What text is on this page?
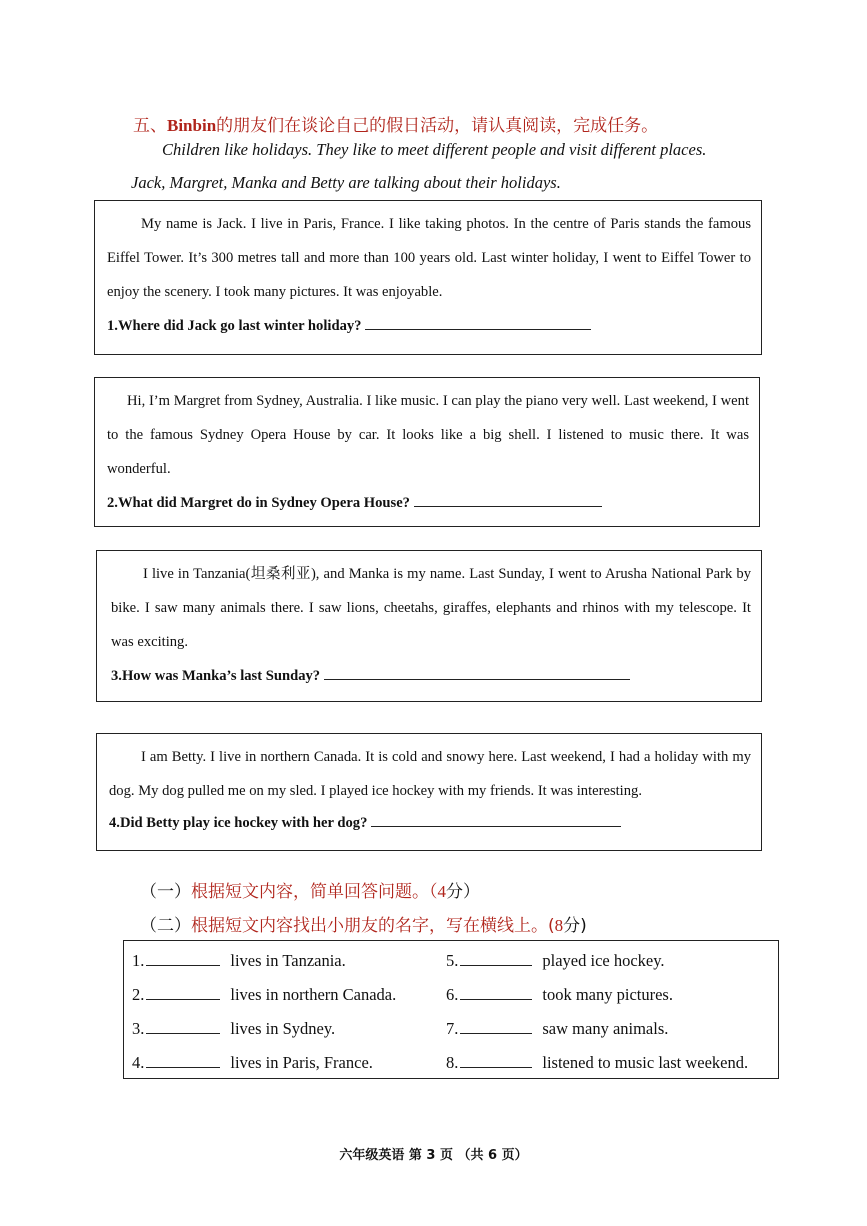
五、Binbin的朋友们在谈论自己的假日活动，请认真阅读，完成任务。
Children like holidays. They like to meet different people and visit different places.
Jack, Margret, Manka and Betty are talking about their holidays.

My name is Jack. I live in Paris, France. I like taking photos. In the centre of Paris stands the famous Eiffel Tower. It’s 300 metres tall and more than 100 years old. Last winter holiday, I went to Eiffel Tower to enjoy the scenery. I took many pictures. It was enjoyable.

1.Where did Jack go last winter holiday?

Hi, I’m Margret from Sydney, Australia. I like music. I can play the piano very well. Last weekend, I went to the famous Sydney Opera House by car. It looks like a big shell. I listened to music there. It was wonderful.

2.What did Margret do in Sydney Opera House?

I live in Tanzania(坦桑利亚), and Manka is my name. Last Sunday, I went to Arusha National Park by bike. I saw many animals there. I saw lions, cheetahs, giraffes, elephants and rhinos with my telescope. It was exciting.

3.How was Manka’s last Sunday?

I am Betty. I live in northern Canada. It is cold and snowy here. Last weekend, I had a holiday with my dog. My dog pulled me on my sled. I played ice hockey with my friends. It was interesting.

4.Did Betty play ice hockey with her dog?
（一）根据短文内容，简单回答问题。（4分）
（二）根据短文内容找出小朋友的名字，写在横线上。(8分)
1. lives in Tanzania.	5. played ice hockey.
2. lives in northern Canada.	6. took many pictures.
3. lives in Sydney.	7. saw many animals.
4. lives in Paris, France.	8. listened to music last weekend.
六年级英语 第 3 页 （共 6 页）
